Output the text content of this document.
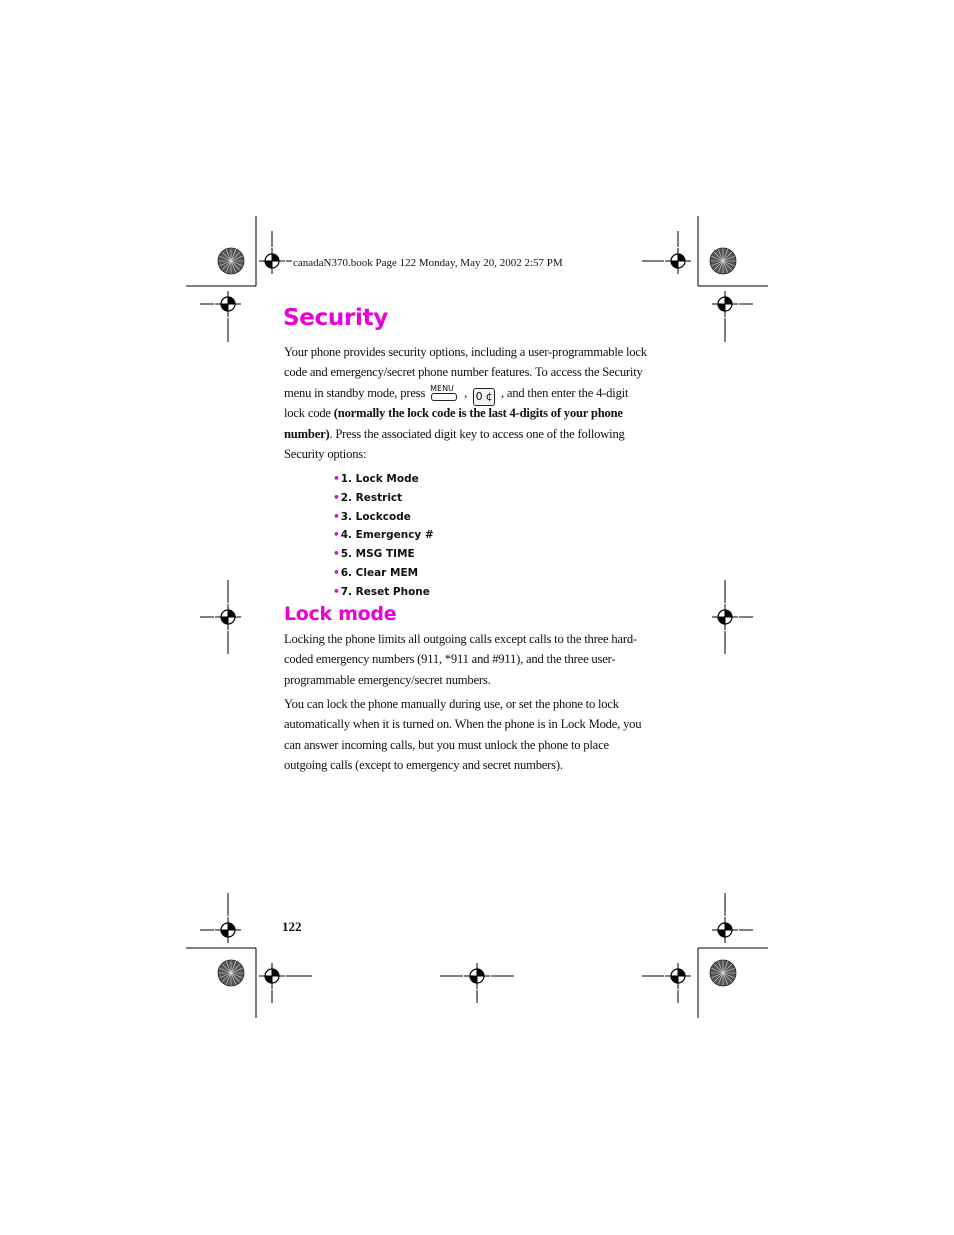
canadaN370.book Page 122 Monday, May 20, 2002 2:57 PM
Security
Your phone provides security options, including a user-programmable lock
code and emergency/secret phone number features. To access the Security
menu in standby mode, press MENU , 0 ¢ , and then enter the 4-digit
lock code (normally the lock code is the last 4-digits of your phone
number). Press the associated digit key to access one of the following
Security options:
•1. Lock Mode
•2. Restrict
•3. Lockcode
•4. Emergency #
•5. MSG TIME
•6. Clear MEM
•7. Reset Phone
Lock mode
Locking the phone limits all outgoing calls except calls to the three hard-
coded emergency numbers (911, *911 and #911), and the three user-
programmable emergency/secret numbers.
You can lock the phone manually during use, or set the phone to lock
automatically when it is turned on. When the phone is in Lock Mode, you
can answer incoming calls, but you must unlock the phone to place
outgoing calls (except to emergency and secret numbers).
122
